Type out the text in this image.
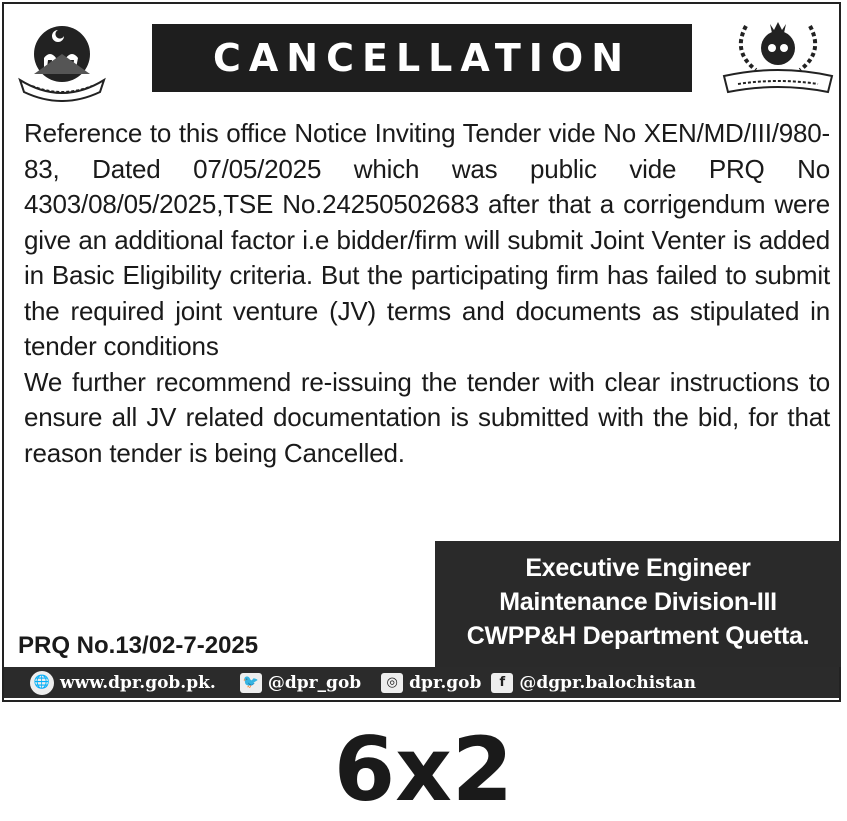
CANCELLATION

Reference to this office Notice Inviting Tender vide No XEN/MD/III/980-83, Dated 07/05/2025 which was public vide PRQ No 4303/08/05/2025,TSE No.24250502683 after that a corrigendum were give an additional factor i.e bidder/firm will submit Joint Venter is added in Basic Eligibility criteria. But the participating firm has failed to submit the required joint venture (JV) terms and documents as stipulated in tender conditions

We further recommend re-issuing the tender with clear instructions to ensure all JV related documentation is submitted with the bid, for that reason tender is being Cancelled.

Executive Engineer
Maintenance Division-III
CWPP&H Department Quetta.
PRQ No.13/02-7-2025
🌐 www.dpr.gob.pk. 🐦 @dpr_gob	◎ dpr.gob	f @dgpr.balochistan
6x2
